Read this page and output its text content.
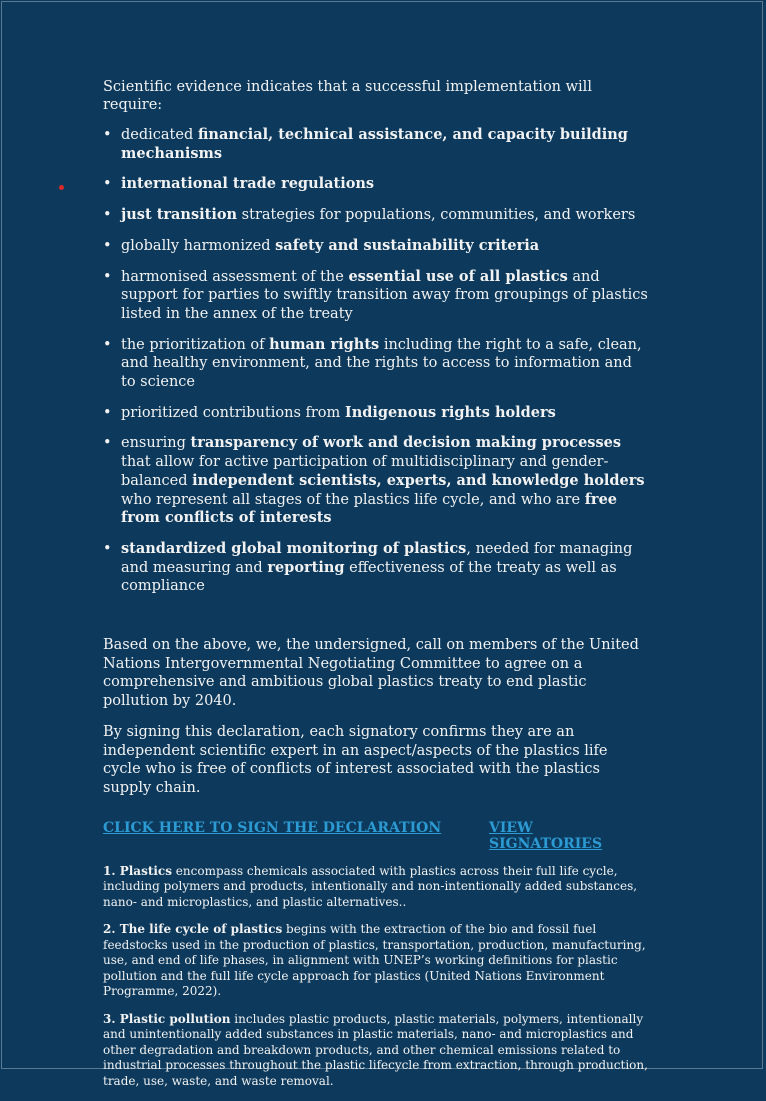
Scientific evidence indicates that a successful implementation will require:

• dedicated financial, technical assistance, and capacity building mechanisms
• international trade regulations
• just transition strategies for populations, communities, and workers
• globally harmonized safety and sustainability criteria
• harmonised assessment of the essential use of all plastics and support for parties to swiftly transition away from groupings of plastics listed in the annex of the treaty
• the prioritization of human rights including the right to a safe, clean, and healthy environment, and the rights to access to information and to science
• prioritized contributions from Indigenous rights holders
• ensuring transparency of work and decision making processes that allow for active participation of multidisciplinary and gender-balanced independent scientists, experts, and knowledge holders who represent all stages of the plastics life cycle, and who are free from conflicts of interests
• standardized global monitoring of plastics, needed for managing and measuring and reporting effectiveness of the treaty as well as compliance

Based on the above, we, the undersigned, call on members of the United Nations Intergovernmental Negotiating Committee to agree on a comprehensive and ambitious global plastics treaty to end plastic pollution by 2040.

By signing this declaration, each signatory confirms they are an independent scientific expert in an aspect/aspects of the plastics life cycle who is free of conflicts of interest associated with the plastics supply chain.

CLICK HERE TO SIGN THE DECLARATION	VIEW SIGNATORIES

1. Plastics encompass chemicals associated with plastics across their full life cycle, including polymers and products, intentionally and non-intentionally added substances, nano- and microplastics, and plastic alternatives..

2. The life cycle of plastics begins with the extraction of the bio and fossil fuel feedstocks used in the production of plastics, transportation, production, manufacturing, use, and end of life phases, in alignment with UNEP’s working definitions for plastic pollution and the full life cycle approach for plastics (United Nations Environment Programme, 2022).

3. Plastic pollution includes plastic products, plastic materials, polymers, intentionally and unintentionally added substances in plastic materials, nano- and microplastics and other degradation and breakdown products, and other chemical emissions related to industrial processes throughout the plastic lifecycle from extraction, through production, trade, use, waste, and waste removal.
